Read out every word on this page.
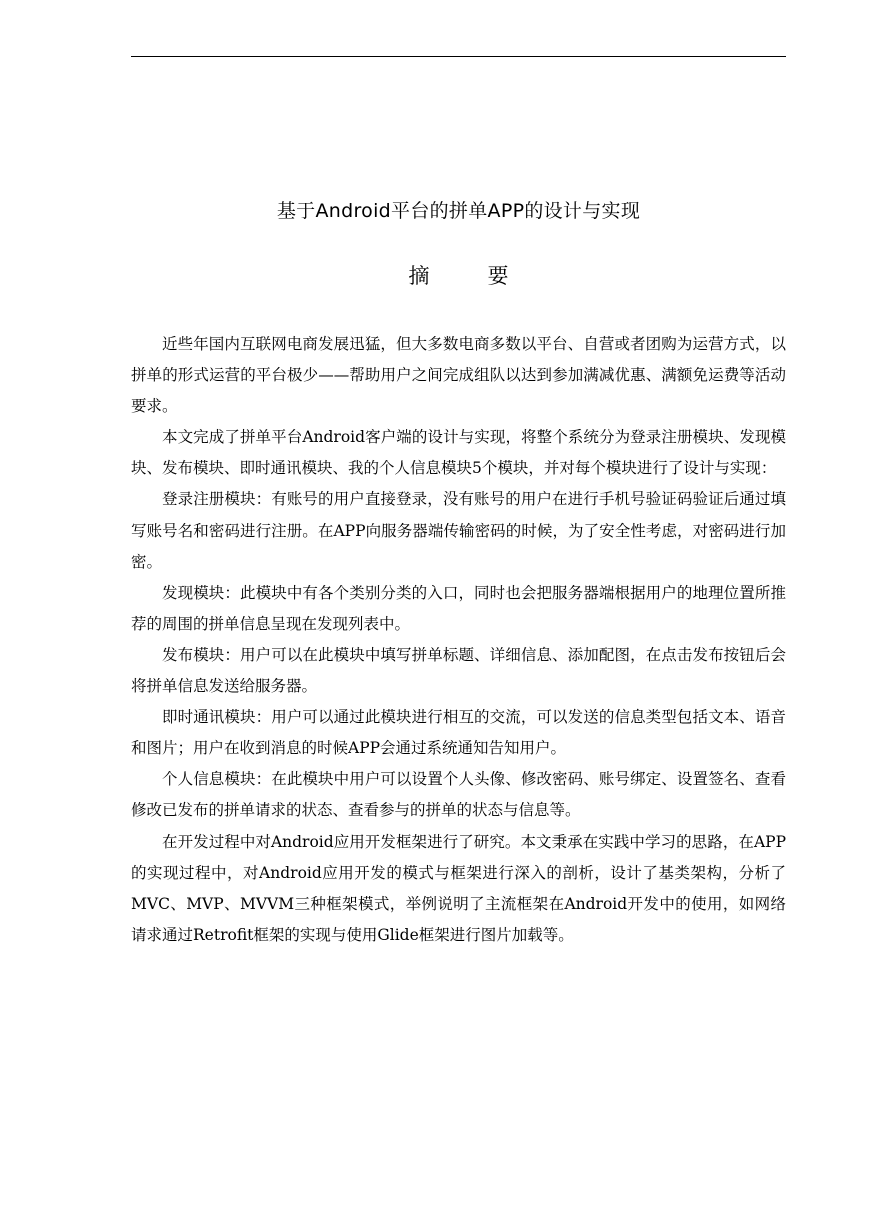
基于Android平台的拼单APP的设计与实现
摘要

近些年国内互联网电商发展迅猛，但大多数电商多数以平台、自营或者团购为运营方式，以拼单的形式运营的平台极少——帮助用户之间完成组队以达到参加满减优惠、满额免运费等活动要求。

本文完成了拼单平台Android客户端的设计与实现，将整个系统分为登录注册模块、发现模块、发布模块、即时通讯模块、我的个人信息模块5个模块，并对每个模块进行了设计与实现：

登录注册模块：有账号的用户直接登录，没有账号的用户在进行手机号验证码验证后通过填写账号名和密码进行注册。在APP向服务器端传输密码的时候，为了安全性考虑，对密码进行加密。

发现模块：此模块中有各个类别分类的入口，同时也会把服务器端根据用户的地理位置所推荐的周围的拼单信息呈现在发现列表中。

发布模块：用户可以在此模块中填写拼单标题、详细信息、添加配图，在点击发布按钮后会将拼单信息发送给服务器。

即时通讯模块：用户可以通过此模块进行相互的交流，可以发送的信息类型包括文本、语音和图片；用户在收到消息的时候APP会通过系统通知告知用户。

个人信息模块：在此模块中用户可以设置个人头像、修改密码、账号绑定、设置签名、查看修改已发布的拼单请求的状态、查看参与的拼单的状态与信息等。

在开发过程中对Android应用开发框架进行了研究。本文秉承在实践中学习的思路，在APP的实现过程中，对Android应用开发的模式与框架进行深入的剖析，设计了基类架构，分析了MVC、MVP、MVVM三种框架模式，举例说明了主流框架在Android开发中的使用，如网络请求通过Retrofit框架的实现与使用Glide框架进行图片加载等。
